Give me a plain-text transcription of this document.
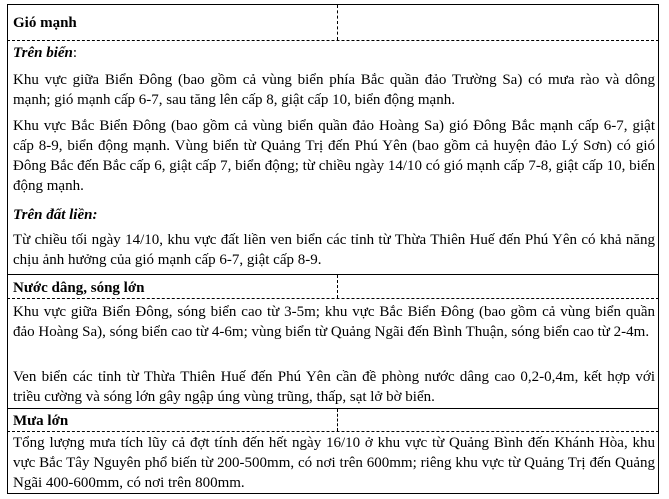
Gió mạnh
Trên biển:
Khu vực giữa Biển Đông (bao gồm cả vùng biển phía Bắc quần đảo Trường Sa) có mưa rào và dông mạnh; gió mạnh cấp 6-7, sau tăng lên cấp 8, giật cấp 10, biển động mạnh.
Khu vực Bắc Biển Đông (bao gồm cả vùng biển quần đảo Hoàng Sa) gió Đông Bắc mạnh cấp 6-7, giật cấp 8-9, biển động mạnh. Vùng biển từ Quảng Trị đến Phú Yên (bao gồm cả huyện đảo Lý Sơn) có gió Đông Bắc đến Bắc cấp 6, giật cấp 7, biển động; từ chiều ngày 14/10 có gió mạnh cấp 7-8, giật cấp 10, biển động mạnh.
Trên đất liền:
Từ chiều tối ngày 14/10, khu vực đất liền ven biển các tỉnh từ Thừa Thiên Huế đến Phú Yên có khả năng chịu ảnh hưởng của gió mạnh cấp 6-7, giật cấp 8-9.
Nước dâng, sóng lớn
Khu vực giữa Biển Đông, sóng biển cao từ 3-5m; khu vực Bắc Biển Đông (bao gồm cả vùng biển quần đảo Hoàng Sa), sóng biển cao từ 4-6m; vùng biển từ Quảng Ngãi đến Bình Thuận, sóng biển cao từ 2-4m.
Ven biển các tỉnh từ Thừa Thiên Huế đến Phú Yên cần đề phòng nước dâng cao 0,2-0,4m, kết hợp với triều cường và sóng lớn gây ngập úng vùng trũng, thấp, sạt lở bờ biển.
Mưa lớn
Tổng lượng mưa tích lũy cả đợt tính đến hết ngày 16/10 ở khu vực từ Quảng Bình đến Khánh Hòa, khu vực Bắc Tây Nguyên phổ biến từ 200-500mm, có nơi trên 600mm; riêng khu vực từ Quảng Trị đến Quảng Ngãi 400-600mm, có nơi trên 800mm.
